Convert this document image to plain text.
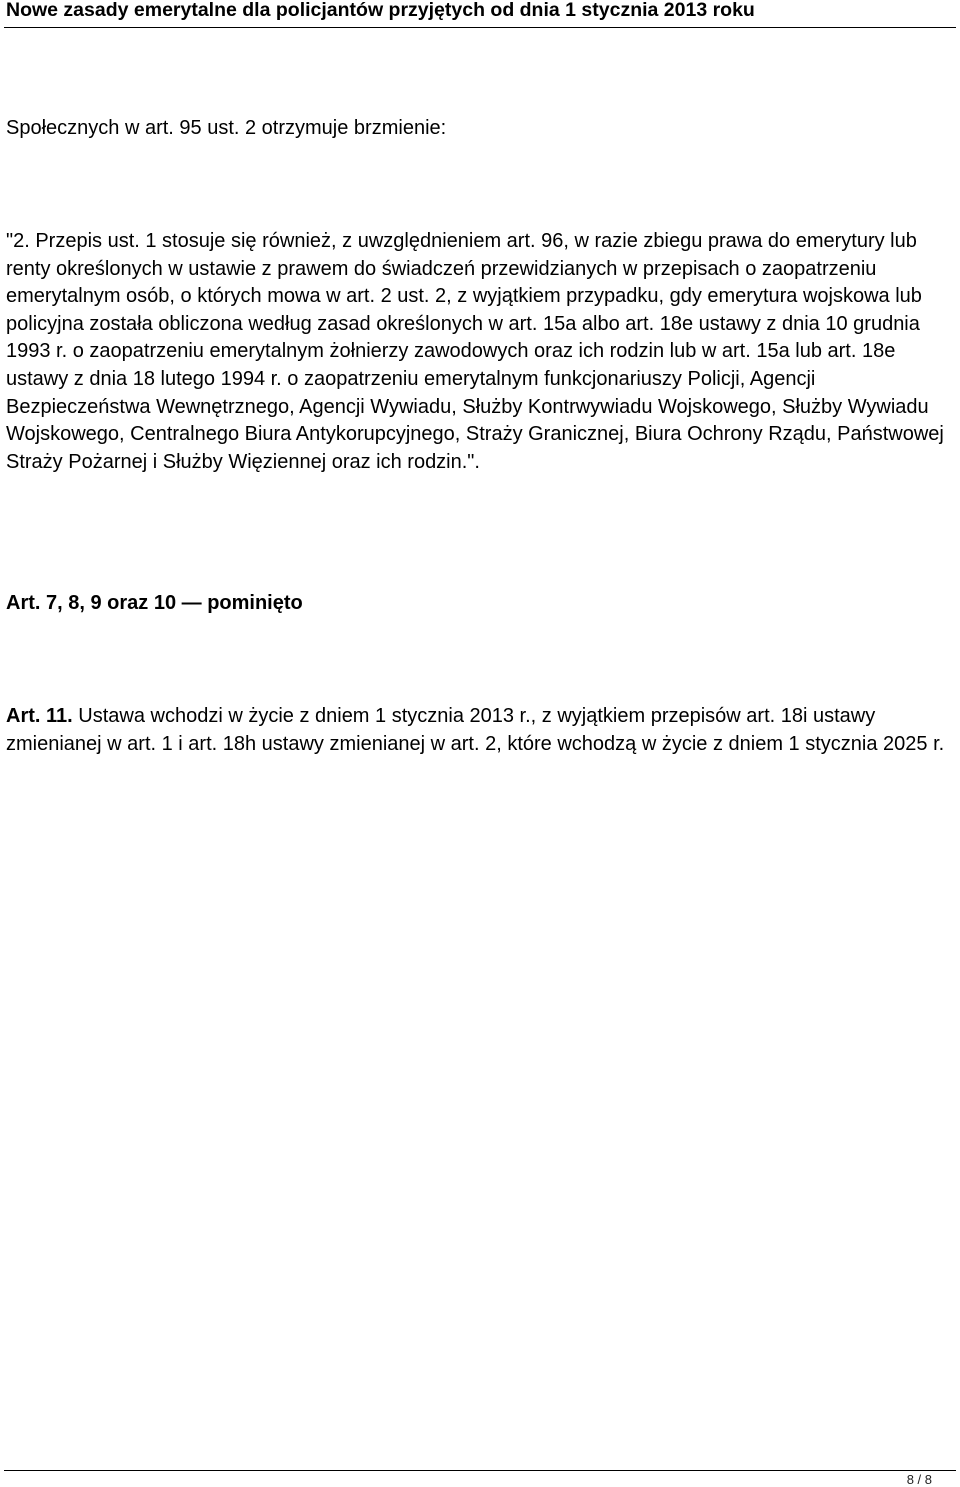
Nowe zasady emerytalne dla policjantów przyjętych od dnia 1 stycznia 2013 roku

Społecznych w art. 95 ust. 2 otrzymuje brzmienie:

"2. Przepis ust. 1 stosuje się również, z uwzględnieniem art. 96, w razie zbiegu prawa do emerytury lub renty określonych w ustawie z prawem do świadczeń przewidzianych w przepisach o zaopatrzeniu emerytalnym osób, o których mowa w art. 2 ust. 2, z wyjątkiem przypadku, gdy emerytura wojskowa lub policyjna została obliczona według zasad określonych w art. 15a albo art. 18e ustawy z dnia 10 grudnia 1993 r. o zaopatrzeniu emerytalnym żołnierzy zawodowych oraz ich rodzin lub w art. 15a lub art. 18e ustawy z dnia 18 lutego 1994 r. o zaopatrzeniu emerytalnym funkcjonariuszy Policji, Agencji Bezpieczeństwa Wewnętrznego, Agencji Wywiadu, Służby Kontrwywiadu Wojskowego, Służby Wywiadu Wojskowego, Centralnego Biura Antykorupcyjnego, Straży Granicznej, Biura Ochrony Rządu, Państwowej Straży Pożarnej i Służby Więziennej oraz ich rodzin.".

Art. 7, 8, 9 oraz 10 — pominięto

Art. 11. Ustawa wchodzi w życie z dniem 1 stycznia 2013 r., z wyjątkiem przepisów art. 18i ustawy zmienianej w art. 1 i art. 18h ustawy zmienianej w art. 2, które wchodzą w życie z dniem 1 stycznia 2025 r.

8 / 8
